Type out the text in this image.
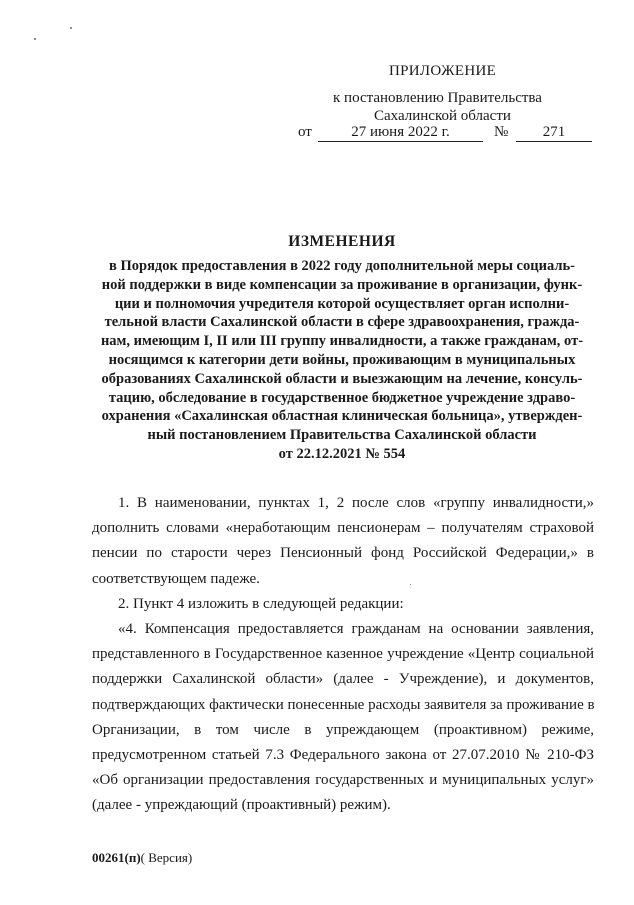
ПРИЛОЖЕНИЕ
к постановлению Правительства
Сахалинской области
от	27 июня 2022 г.	№	271
ИЗМЕНЕНИЯ
в Порядок предоставления в 2022 году дополнительной меры социаль-
ной поддержки в виде компенсации за проживание в организации, функ-
ции и полномочия учредителя которой осуществляет орган исполни-
тельной власти Сахалинской области в сфере здравоохранения, гражда-
нам, имеющим I, II или III группу инвалидности, а также гражданам, от-
носящимся к категории дети войны, проживающим в муниципальных
образованиях Сахалинской области и выезжающим на лечение, консуль-
тацию, обследование в государственное бюджетное учреждение здраво-
охранения «Сахалинская областная клиническая больница», утвержден-
ный постановлением Правительства Сахалинской области
от 22.12.2021 № 554
1. В наименовании, пунктах 1, 2 после слов «группу инвалидности,»
дополнить словами «неработающим пенсионерам – получателям страховой
пенсии по старости через Пенсионный фонд Российской Федерации,» в
соответствующем падеже.
2. Пункт 4 изложить в следующей редакции:
«4. Компенсация предоставляется гражданам на основании заявления,
представленного в Государственное казенное учреждение «Центр социальной
поддержки Сахалинской области» (далее - Учреждение), и документов,
подтверждающих фактически понесенные расходы заявителя за проживание в
Организации, в том числе в упреждающем (проактивном) режиме,
предусмотренном статьей 7.3 Федерального закона от 27.07.2010 № 210-ФЗ
«Об организации предоставления государственных и муниципальных услуг»
(далее - упреждающий (проактивный) режим).
00261(п)( Версия)
